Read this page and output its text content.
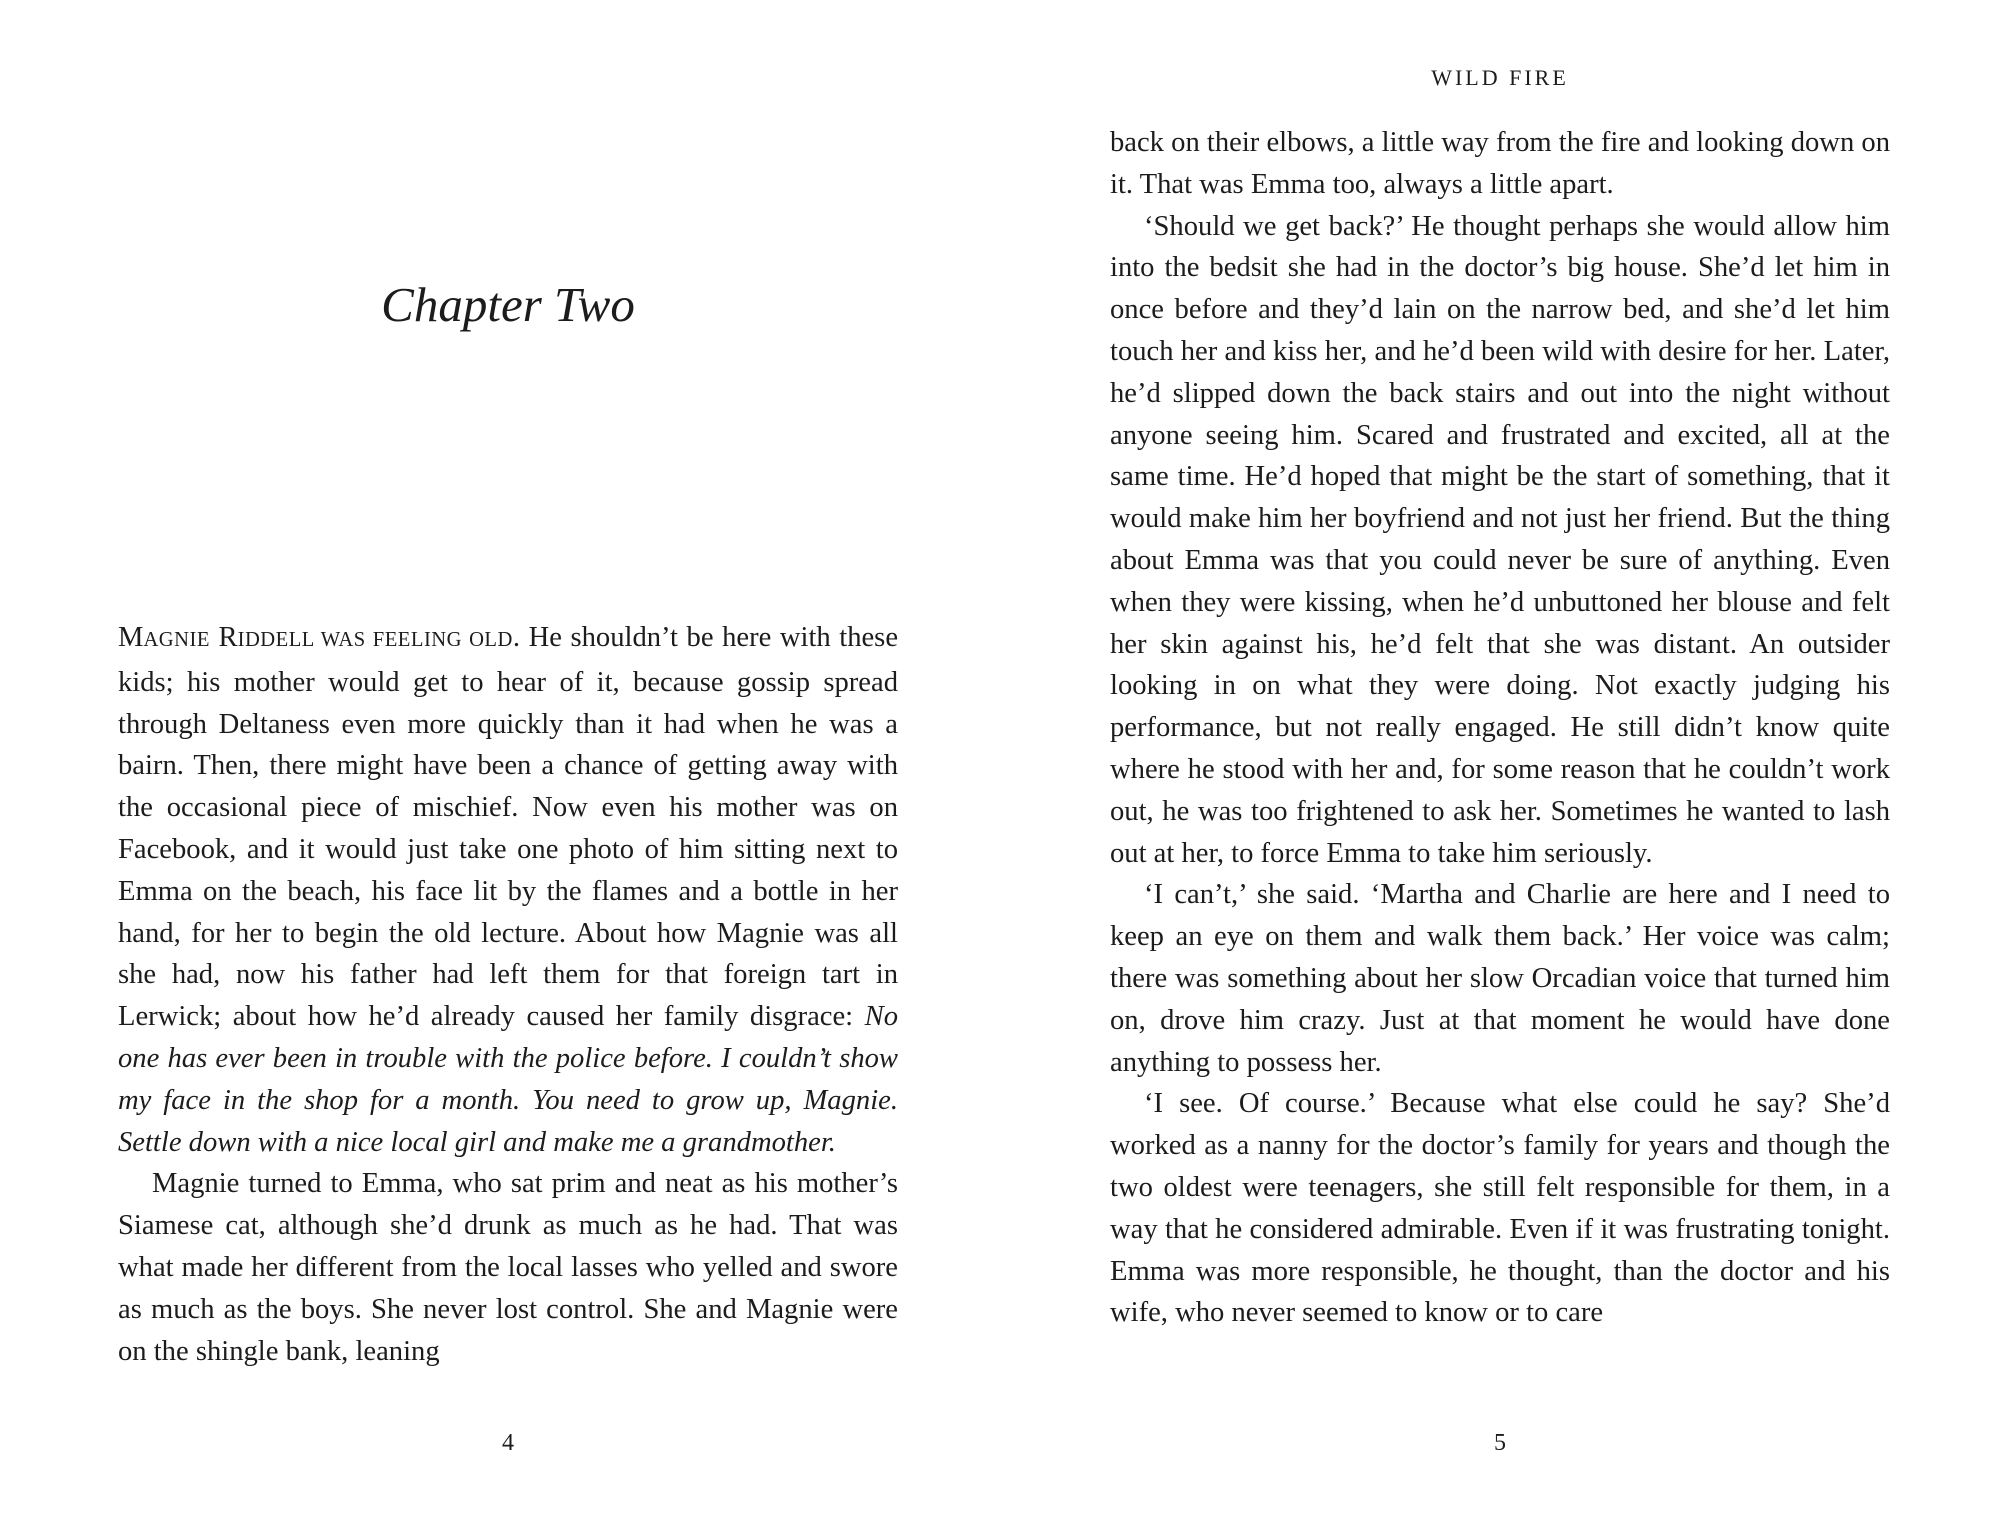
Chapter Two

MAGNIE RIDDELL WAS FEELING OLD. He shouldn’t be here with these kids; his mother would get to hear of it, because gossip spread through Deltaness even more quickly than it had when he was a bairn. Then, there might have been a chance of getting away with the occasional piece of mischief. Now even his mother was on Facebook, and it would just take one photo of him sitting next to Emma on the beach, his face lit by the flames and a bottle in her hand, for her to begin the old lecture. About how Magnie was all she had, now his father had left them for that foreign tart in Lerwick; about how he’d already caused her family disgrace: No one has ever been in trouble with the police before. I couldn’t show my face in the shop for a month. You need to grow up, Magnie. Settle down with a nice local girl and make me a grandmother.

Magnie turned to Emma, who sat prim and neat as his mother’s Siamese cat, although she’d drunk as much as he had. That was what made her different from the local lasses who yelled and swore as much as the boys. She never lost control. She and Magnie were on the shingle bank, leaning

4
WILD FIRE

back on their elbows, a little way from the fire and looking down on it. That was Emma too, always a little apart.

‘Should we get back?’ He thought perhaps she would allow him into the bedsit she had in the doctor’s big house. She’d let him in once before and they’d lain on the narrow bed, and she’d let him touch her and kiss her, and he’d been wild with desire for her. Later, he’d slipped down the back stairs and out into the night without anyone seeing him. Scared and frustrated and excited, all at the same time. He’d hoped that might be the start of something, that it would make him her boyfriend and not just her friend. But the thing about Emma was that you could never be sure of anything. Even when they were kissing, when he’d unbuttoned her blouse and felt her skin against his, he’d felt that she was distant. An outsider looking in on what they were doing. Not exactly judging his performance, but not really engaged. He still didn’t know quite where he stood with her and, for some reason that he couldn’t work out, he was too frightened to ask her. Sometimes he wanted to lash out at her, to force Emma to take him seriously.

‘I can’t,’ she said. ‘Martha and Charlie are here and I need to keep an eye on them and walk them back.’ Her voice was calm; there was something about her slow Orcadian voice that turned him on, drove him crazy. Just at that moment he would have done anything to possess her.

‘I see. Of course.’ Because what else could he say? She’d worked as a nanny for the doctor’s family for years and though the two oldest were teenagers, she still felt responsible for them, in a way that he considered admirable. Even if it was frustrating tonight. Emma was more responsible, he thought, than the doctor and his wife, who never seemed to know or to care

5
